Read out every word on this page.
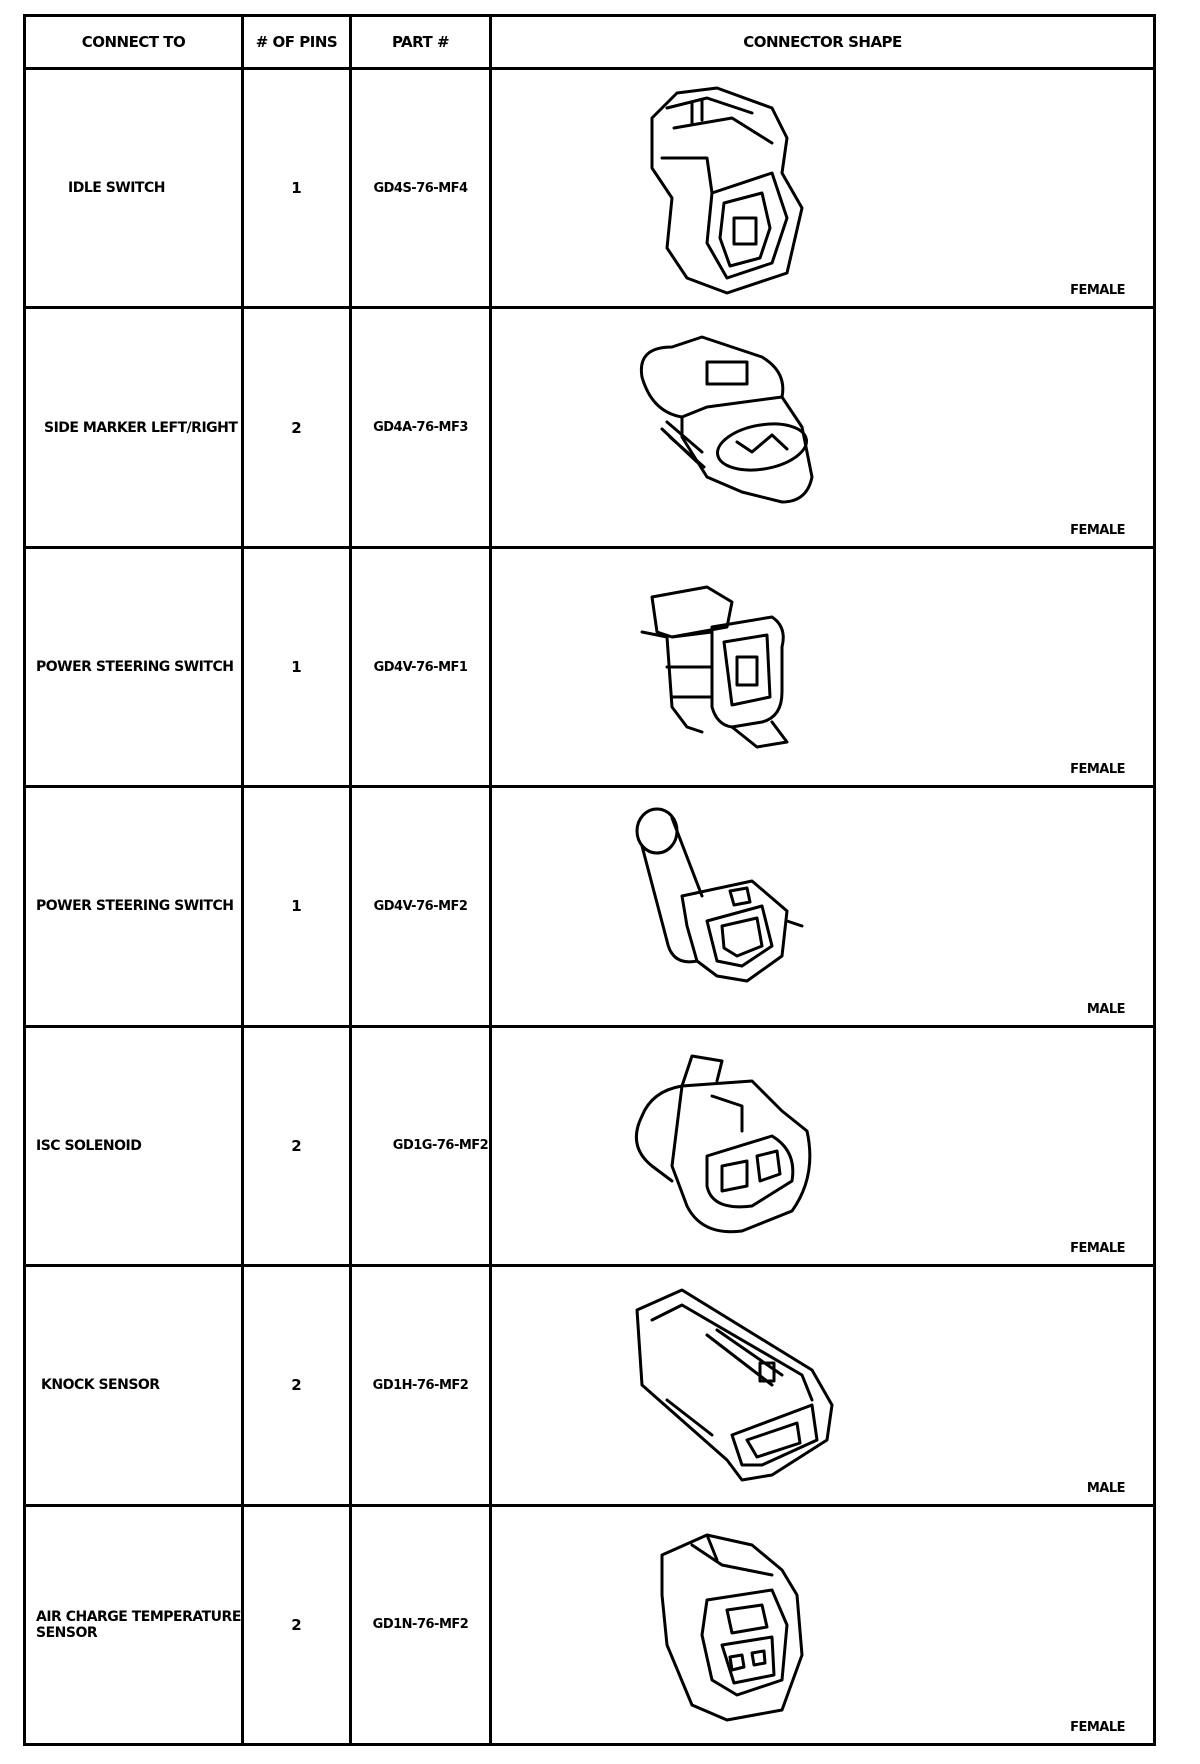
CONNECT TO	# OF PINS	PART #	CONNECTOR SHAPE
IDLE SWITCH	1	GD4S-76-MF4	FEMALE

SIDE MARKER LEFT/RIGHT	2	GD4A-76-MF3	FEMALE

POWER STEERING SWITCH	1	GD4V-76-MF1	FEMALE

POWER STEERING SWITCH	1	GD4V-76-MF2	MALE

ISC SOLENOID	2	GD1G-76-MF2	FEMALE

KNOCK SENSOR	2	GD1H-76-MF2	MALE

AIR CHARGE TEMPERATURE SENSOR	2	GD1N-76-MF2	FEMALE
